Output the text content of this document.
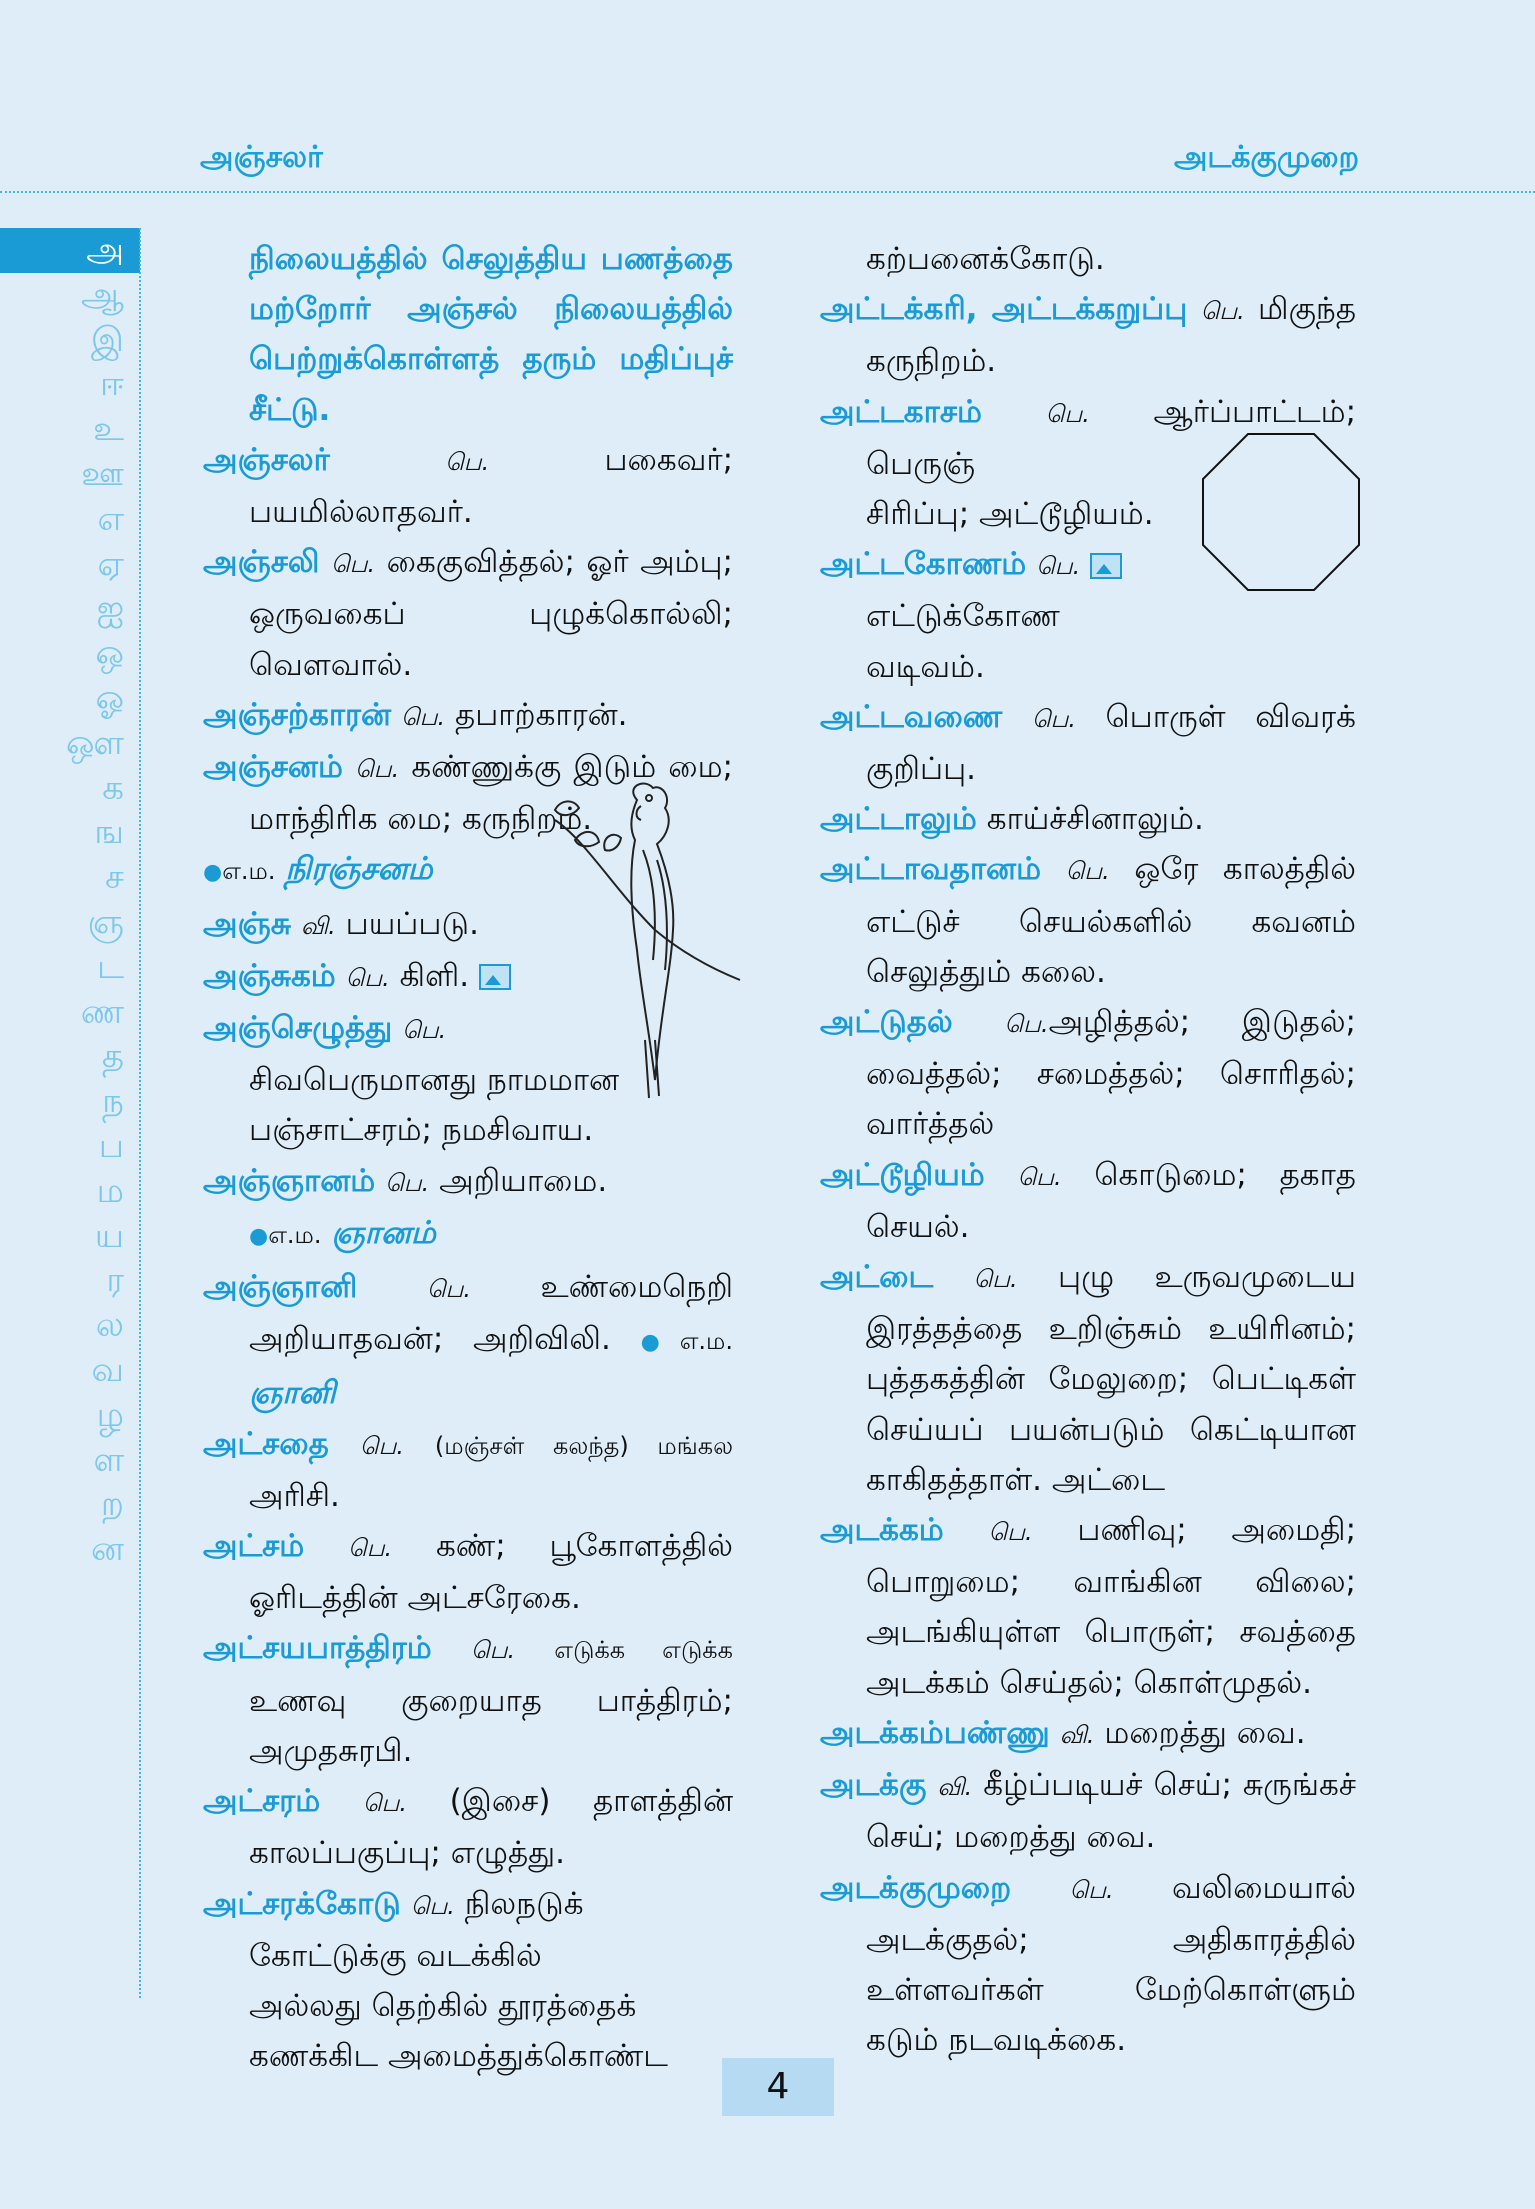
அஞ்சலர்	அடக்குமுறை
அ
ஆ
இ
ஈ
உ
ஊ
எ
ஏ
ஐ
ஒ
ஓ
ஔ
க
ங
ச
ஞ
ட
ண
த
ந
ப
ம
ய
ர
ல
வ
ழ
ள
ற
ன

நிலையத்தில் செலுத்திய பணத்தை மற்றோர் அஞ்சல் நிலையத்தில் பெற்றுக்கொள்ளத் தரும் மதிப்புச் சீட்டு.

அஞ்சலர்	பெ.	பகைவர்; பயமில்லாதவர்.

அஞ்சலி பெ. கைகுவித்தல்; ஓர் அம்பு; ஒருவகைப் புழுக்கொல்லி; வௌவால்.

அஞ்சற்காரன் பெ. தபாற்காரன்.

அஞ்சனம் பெ. கண்ணுக்கு இடும் மை; மாந்திரிக மை; கருநிறம்.

●எ.ம. நிரஞ்சனம்

அஞ்சு வி. பயப்படு.

அஞ்சுகம் பெ. கிளி.

அஞ்செழுத்து பெ.
சிவபெருமானது நாமமான
பஞ்சாட்சரம்; நமசிவாய.

அஞ்ஞானம் பெ. அறியாமை.

●எ.ம. ஞானம்

அஞ்ஞானி	பெ. உண்மைநெறி அறியாதவன்; அறிவிலி. ●எ.ம. ஞானி

அட்சதை பெ. (மஞ்சள் கலந்த) மங்கல அரிசி.

அட்சம் பெ. கண்; பூகோளத்தில் ஓரிடத்தின் அட்சரேகை.

அட்சயபாத்திரம் பெ. எடுக்க எடுக்க உணவு குறையாத பாத்திரம்; அமுதசுரபி.

அட்சரம் பெ. (இசை) தாளத்தின் காலப்பகுப்பு; எழுத்து.

அட்சரக்கோடு பெ. நிலநடுக்
கோட்டுக்கு வடக்கில்
அல்லது தெற்கில் தூரத்தைக்
கணக்கிட அமைத்துக்கொண்ட

கற்பனைக்கோடு.

அட்டக்கரி, அட்டக்கறுப்பு பெ. மிகுந்த கருநிறம்.

அட்டகாசம்	பெ. ஆர்ப்பாட்டம்; பெருஞ்
சிரிப்பு; அட்டூழியம்.

அட்டகோணம் பெ.
எட்டுக்கோண
வடிவம்.

அட்டவணை பெ. பொருள் விவரக் குறிப்பு.

அட்டாலும் காய்ச்சினாலும்.

அட்டாவதானம் பெ. ஒரே காலத்தில் எட்டுச் செயல்களில் கவனம் செலுத்தும் கலை.

அட்டுதல் பெ.அழித்தல்; இடுதல்; வைத்தல்; சமைத்தல்; சொரிதல்; வார்த்தல்

அட்டூழியம் பெ. கொடுமை; தகாத செயல்.

அட்டை பெ. புழு உருவமுடைய இரத்தத்தை உறிஞ்சும் உயிரினம்; புத்தகத்தின் மேலுறை; பெட்டிகள் செய்யப் பயன்படும் கெட்டியான காகிதத்தாள். அட்டை

அடக்கம் பெ. பணிவு; அமைதி; பொறுமை; வாங்கின விலை; அடங்கியுள்ள பொருள்; சவத்தை அடக்கம் செய்தல்; கொள்முதல்.

அடக்கம்பண்ணு வி. மறைத்து வை.

அடக்கு வி. கீழ்ப்படியச் செய்; சுருங்கச் செய்; மறைத்து வை.

அடக்குமுறை பெ. வலிமையால் அடக்குதல்; அதிகாரத்தில் உள்ளவர்கள் மேற்கொள்ளும் கடும் நடவடிக்கை.

4
